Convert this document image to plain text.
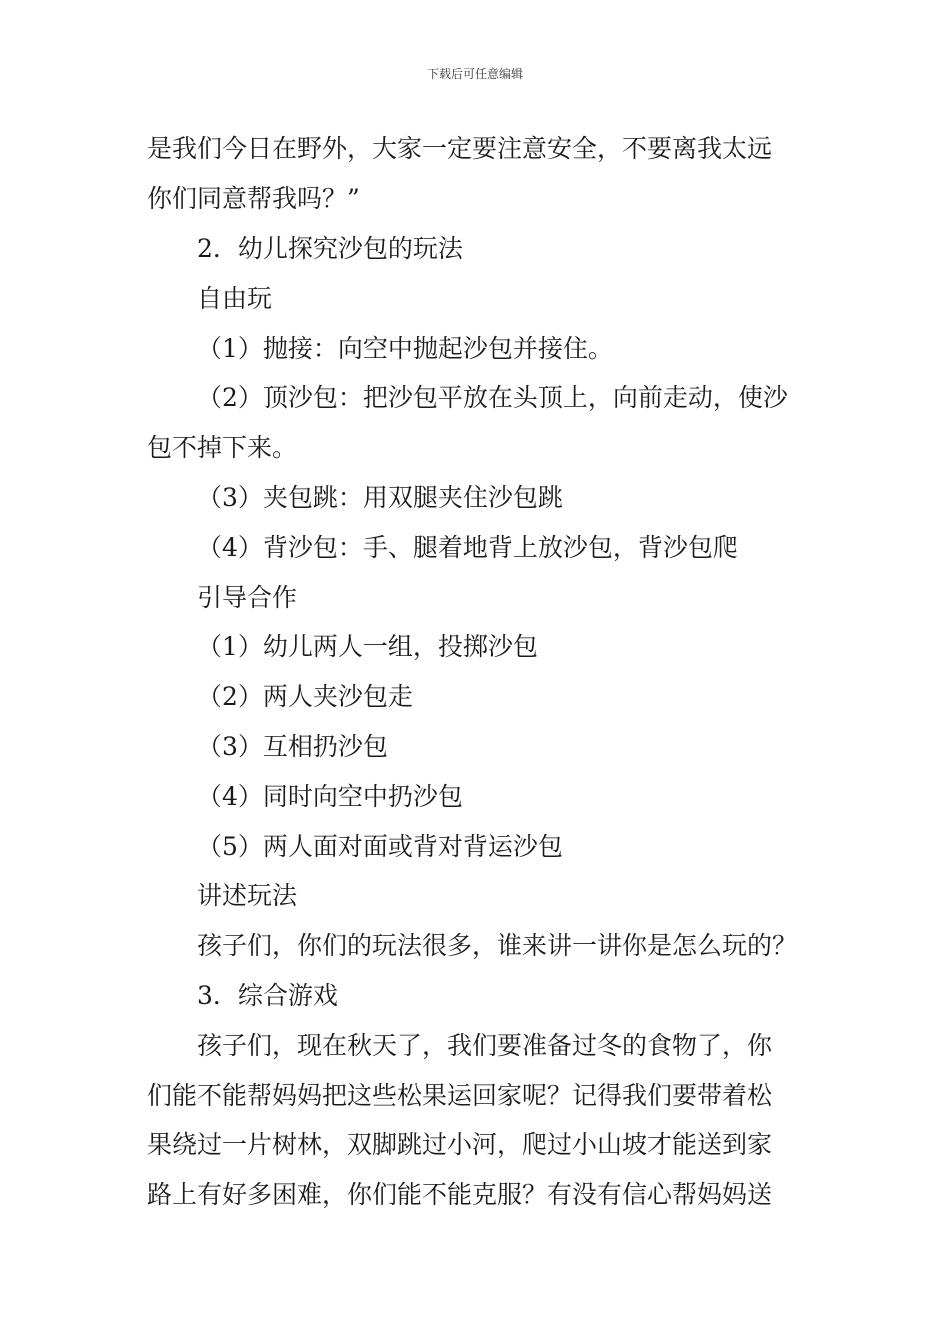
下载后可任意编辑
是我们今日在野外，大家一定要注意安全，不要离我太远
你们同意帮我吗？”
2．幼儿探究沙包的玩法
自由玩
（1）抛接：向空中抛起沙包并接住。
（2）顶沙包：把沙包平放在头顶上，向前走动，使沙
包不掉下来。
（3）夹包跳：用双腿夹住沙包跳
（4）背沙包：手、腿着地背上放沙包，背沙包爬
引导合作
（1）幼儿两人一组，投掷沙包
（2）两人夹沙包走
（3）互相扔沙包
（4）同时向空中扔沙包
（5）两人面对面或背对背运沙包
讲述玩法
孩子们，你们的玩法很多，谁来讲一讲你是怎么玩的？
3．综合游戏
孩子们，现在秋天了，我们要准备过冬的食物了，你
们能不能帮妈妈把这些松果运回家呢？记得我们要带着松
果绕过一片树林，双脚跳过小河，爬过小山坡才能送到家
路上有好多困难，你们能不能克服？有没有信心帮妈妈送
